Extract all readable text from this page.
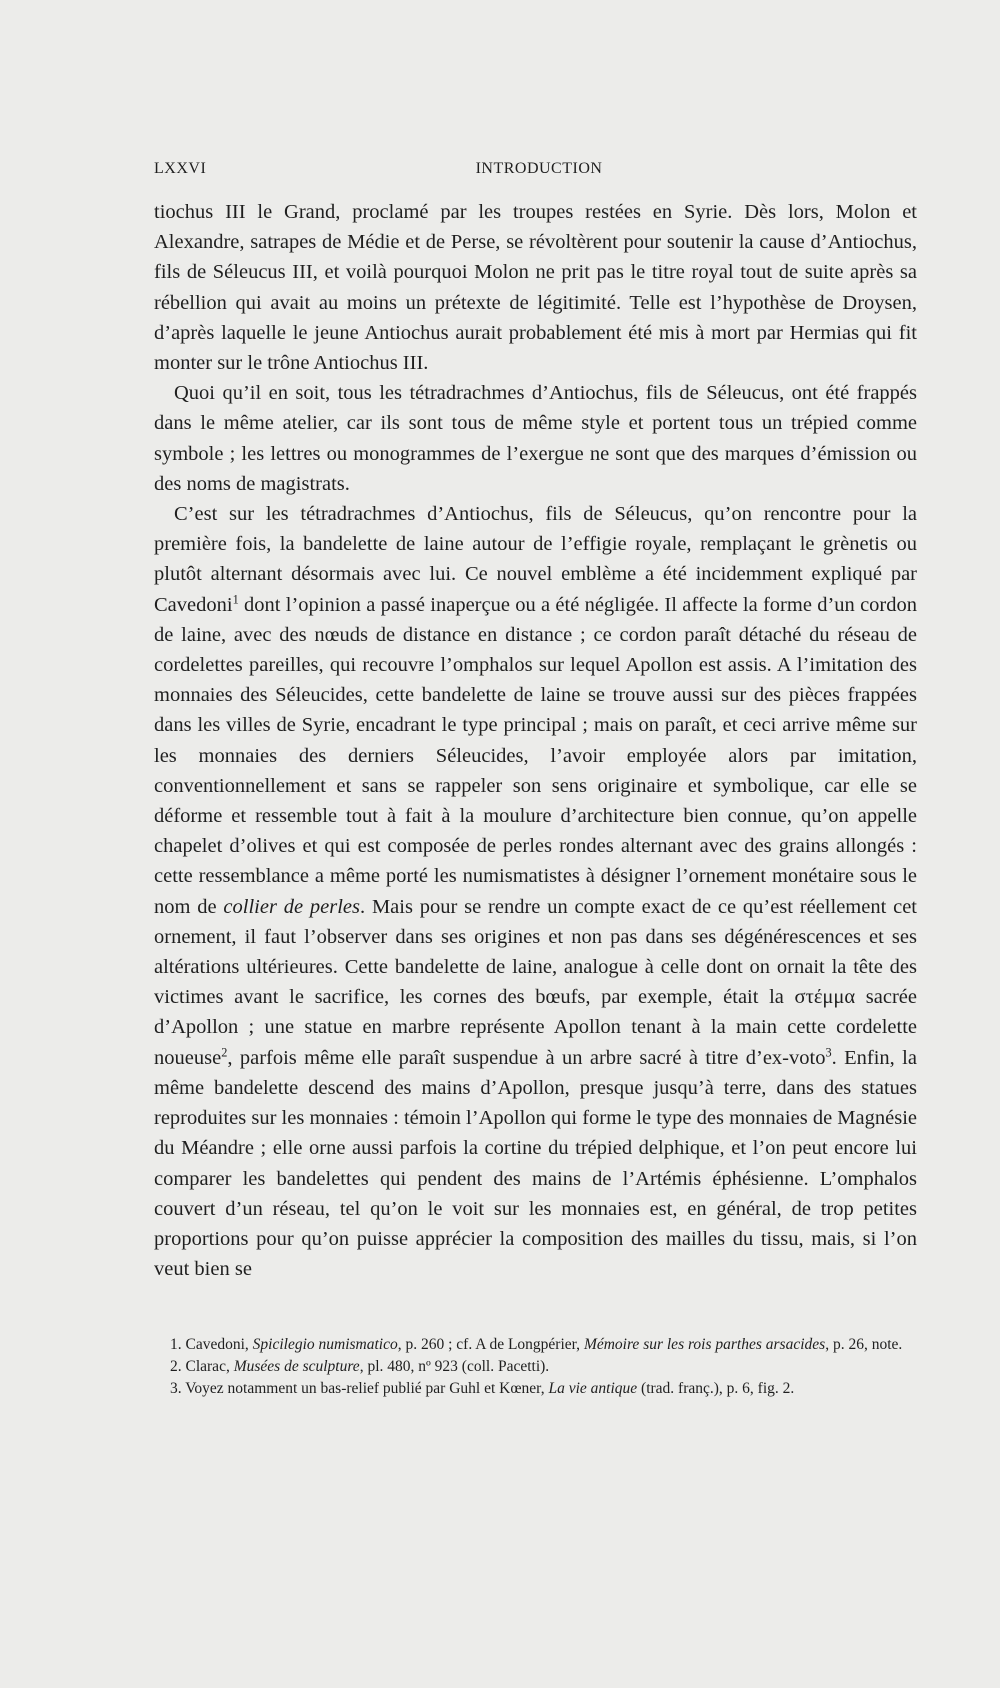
LXXVI	INTRODUCTION

tiochus III le Grand, proclamé par les troupes restées en Syrie. Dès lors, Molon et Alexandre, satrapes de Médie et de Perse, se révoltèrent pour soutenir la cause d’Antiochus, fils de Séleucus III, et voilà pourquoi Molon ne prit pas le titre royal tout de suite après sa rébellion qui avait au moins un prétexte de légitimité. Telle est l’hypothèse de Droysen, d’après laquelle le jeune Antiochus aurait probablement été mis à mort par Hermias qui fit monter sur le trône Antiochus III.

Quoi qu’il en soit, tous les tétradrachmes d’Antiochus, fils de Séleucus, ont été frappés dans le même atelier, car ils sont tous de même style et portent tous un trépied comme symbole ; les lettres ou monogrammes de l’exergue ne sont que des marques d’émission ou des noms de magistrats.

C’est sur les tétradrachmes d’Antiochus, fils de Séleucus, qu’on rencontre pour la première fois, la bandelette de laine autour de l’effigie royale, remplaçant le grènetis ou plutôt alternant désormais avec lui. Ce nouvel emblème a été incidemment expliqué par Cavedoni$^1$ dont l’opinion a passé inaperçue ou a été négligée. Il affecte la forme d’un cordon de laine, avec des nœuds de distance en distance ; ce cordon paraît détaché du réseau de cordelettes pareilles, qui recouvre l’omphalos sur lequel Apollon est assis. A l’imitation des monnaies des Séleucides, cette bandelette de laine se trouve aussi sur des pièces frappées dans les villes de Syrie, encadrant le type principal ; mais on paraît, et ceci arrive même sur les monnaies des derniers Séleucides, l’avoir employée alors par imitation, conventionnellement et sans se rappeler son sens originaire et symbolique, car elle se déforme et ressemble tout à fait à la moulure d’architecture bien connue, qu’on appelle chapelet d’olives et qui est composée de perles rondes alternant avec des grains allongés : cette ressemblance a même porté les numismatistes à désigner l’ornement monétaire sous le nom de collier de perles. Mais pour se rendre un compte exact de ce qu’est réellement cet ornement, il faut l’observer dans ses origines et non pas dans ses dégénérescences et ses altérations ultérieures. Cette bandelette de laine, analogue à celle dont on ornait la tête des victimes avant le sacrifice, les cornes des bœufs, par exemple, était la στέμμα sacrée d’Apollon ; une statue en marbre représente Apollon tenant à la main cette cordelette noueuse$^2$, parfois même elle paraît suspendue à un arbre sacré à titre d’ex-voto$^3$. Enfin, la même bandelette descend des mains d’Apollon, presque jusqu’à terre, dans des statues reproduites sur les monnaies : témoin l’Apollon qui forme le type des monnaies de Magnésie du Méandre ; elle orne aussi parfois la cortine du trépied delphique, et l’on peut encore lui comparer les bandelettes qui pendent des mains de l’Artémis éphésienne. L’omphalos couvert d’un réseau, tel qu’on le voit sur les monnaies est, en général, de trop petites proportions pour qu’on puisse apprécier la composition des mailles du tissu, mais, si l’on veut bien se

1. Cavedoni, Spicilegio numismatico, p. 260 ; cf. A de Longpérier, Mémoire sur les rois parthes arsacides, p. 26, note.

2. Clarac, Musées de sculpture, pl. 480, nº 923 (coll. Pacetti).

3. Voyez notamment un bas-relief publié par Guhl et Kœner, La vie antique (trad. franç.), p. 6, fig. 2.
